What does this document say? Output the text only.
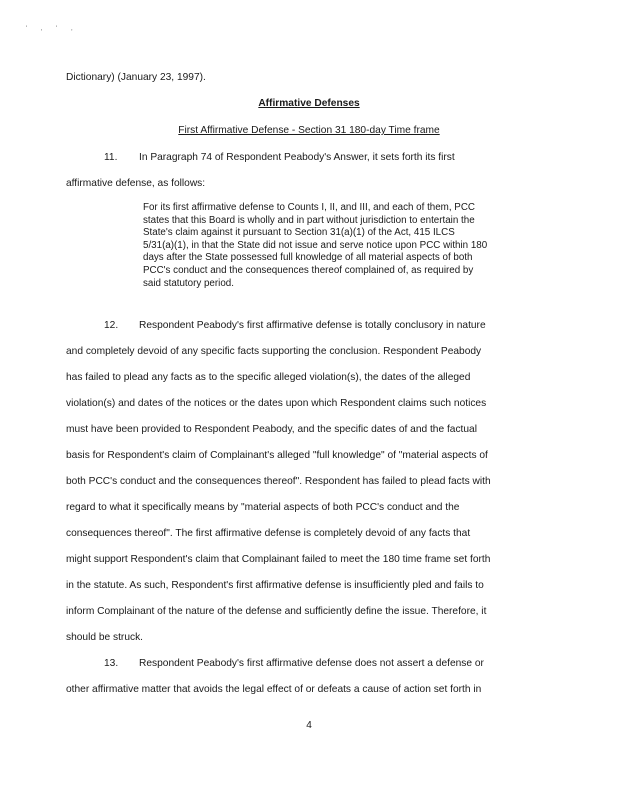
' , ' ,
Dictionary) (January 23, 1997).
Affirmative Defenses
First Affirmative Defense - Section 31 180-day Time frame
11. In Paragraph 74 of Respondent Peabody's Answer, it sets forth its first
affirmative defense, as follows:
For its first affirmative defense to Counts I, II, and III, and each of them, PCC
states that this Board is wholly and in part without jurisdiction to entertain the
State's claim against it pursuant to Section 31(a)(1) of the Act, 415 ILCS
5/31(a)(1), in that the State did not issue and serve notice upon PCC within 180
days after the State possessed full knowledge of all material aspects of both
PCC's conduct and the consequences thereof complained of, as required by
said statutory period.
12. Respondent Peabody's first affirmative defense is totally conclusory in nature
and completely devoid of any specific facts supporting the conclusion. Respondent Peabody
has failed to plead any facts as to the specific alleged violation(s), the dates of the alleged
violation(s) and dates of the notices or the dates upon which Respondent claims such notices
must have been provided to Respondent Peabody, and the specific dates of and the factual
basis for Respondent's claim of Complainant's alleged "full knowledge" of "material aspects of
both PCC's conduct and the consequences thereof". Respondent has failed to plead facts with
regard to what it specifically means by "material aspects of both PCC's conduct and the
consequences thereof". The first affirmative defense is completely devoid of any facts that
might support Respondent's claim that Complainant failed to meet the 180 time frame set forth
in the statute. As such, Respondent's first affirmative defense is insufficiently pled and fails to
inform Complainant of the nature of the defense and sufficiently define the issue. Therefore, it
should be struck.
13. Respondent Peabody's first affirmative defense does not assert a defense or
other affirmative matter that avoids the legal effect of or defeats a cause of action set forth in
4
